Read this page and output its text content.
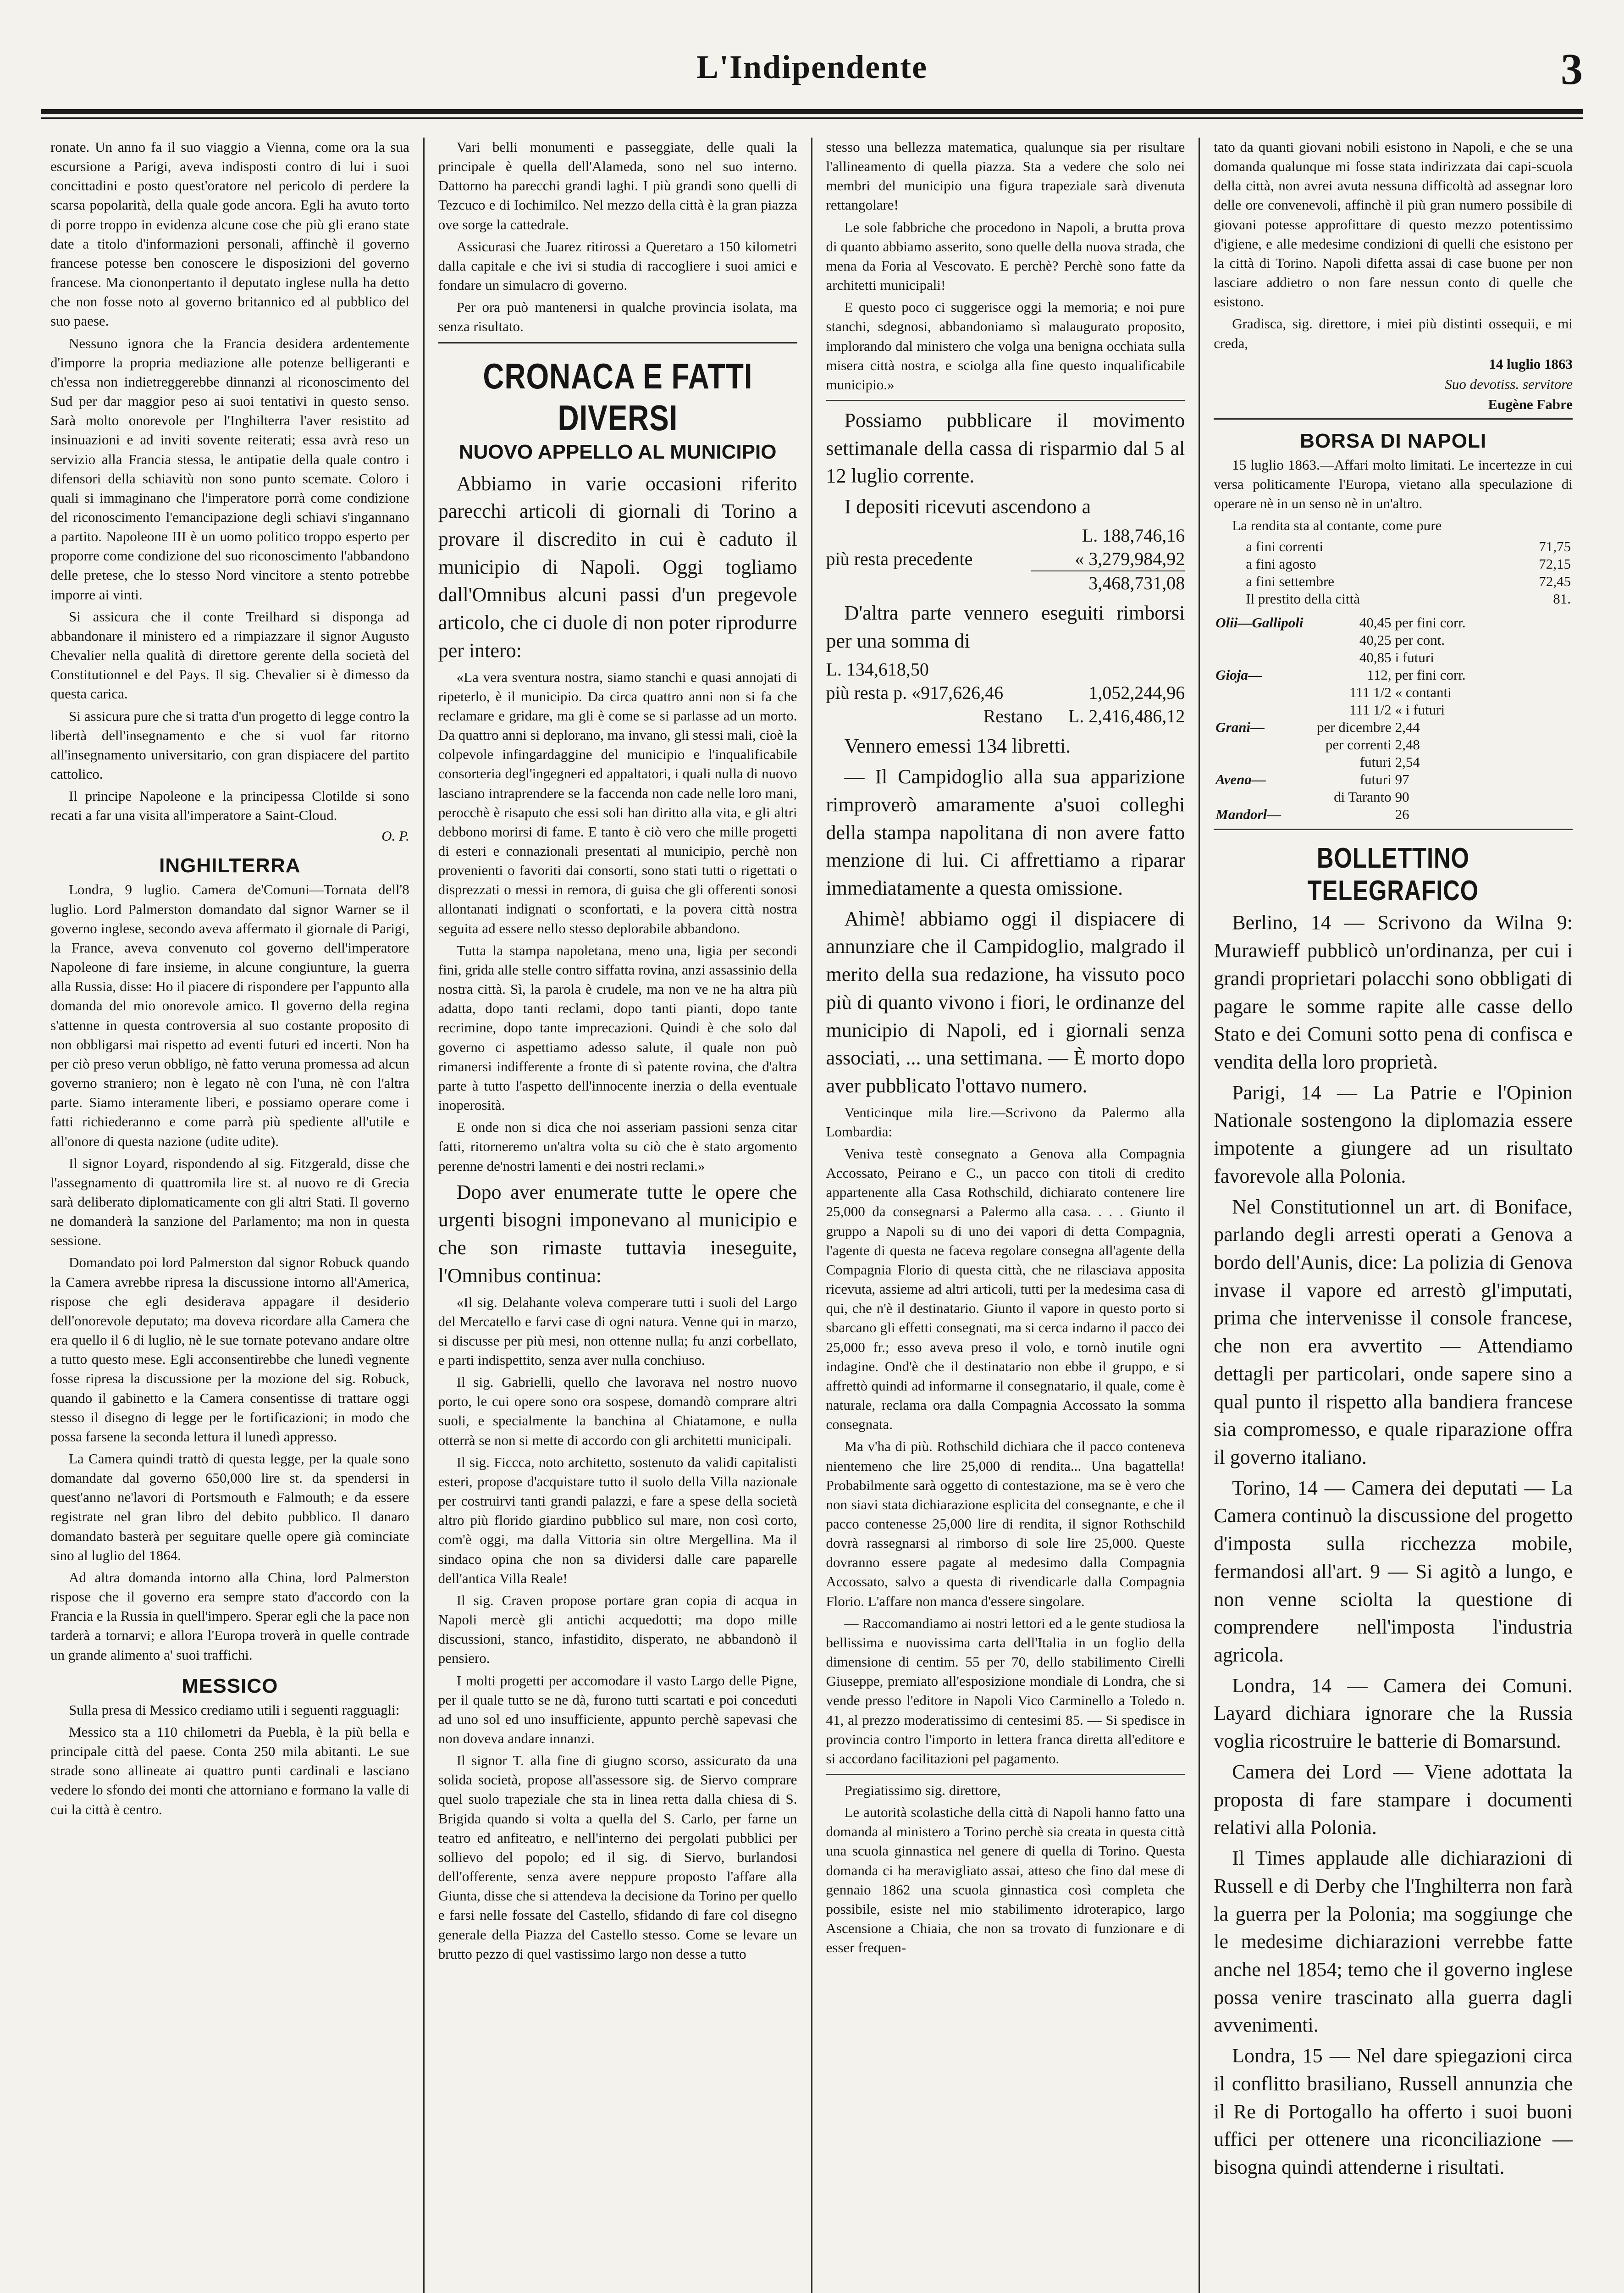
L'Indipendente	3

ronate. Un anno fa il suo viaggio a Vienna, come ora la sua escursione a Parigi, aveva indisposti contro di lui i suoi concittadini e posto quest'oratore nel pericolo di perdere la scarsa popolarità, della quale gode ancora. Egli ha avuto torto di porre troppo in evidenza alcune cose che più gli erano state date a titolo d'informazioni personali, affinchè il governo francese potesse ben conoscere le disposizioni del governo francese. Ma ciononpertanto il deputato inglese nulla ha detto che non fosse noto al governo britannico ed al pubblico del suo paese.

Nessuno ignora che la Francia desidera ardentemente d'imporre la propria mediazione alle potenze belligeranti e ch'essa non indietreggerebbe dinnanzi al riconoscimento del Sud per dar maggior peso ai suoi tentativi in questo senso. Sarà molto onorevole per l'Inghilterra l'aver resistito ad insinuazioni e ad inviti sovente reiterati; essa avrà reso un servizio alla Francia stessa, le antipatie della quale contro i difensori della schiavitù non sono punto scemate. Coloro i quali si immaginano che l'imperatore porrà come condizione del riconoscimento l'emancipazione degli schiavi s'ingannano a partito. Napoleone III è un uomo politico troppo esperto per proporre come condizione del suo riconoscimento l'abbandono delle pretese, che lo stesso Nord vincitore a stento potrebbe imporre ai vinti.

Si assicura che il conte Treilhard si disponga ad abbandonare il ministero ed a rimpiazzare il signor Augusto Chevalier nella qualità di direttore gerente della società del Constitutionnel e del Pays. Il sig. Chevalier si è dimesso da questa carica.

Si assicura pure che si tratta d'un progetto di legge contro la libertà dell'insegnamento e che si vuol far ritorno all'insegnamento universitario, con gran dispiacere del partito cattolico.

Il principe Napoleone e la principessa Clotilde si sono recati a far una visita all'imperatore a Saint-Cloud.

O. P.
INGHILTERRA

Londra, 9 luglio. Camera de'Comuni—Tornata dell'8 luglio. Lord Palmerston domandato dal signor Warner se il governo inglese, secondo aveva affermato il giornale di Parigi, la France, aveva convenuto col governo dell'imperatore Napoleone di fare insieme, in alcune congiunture, la guerra alla Russia, disse: Ho il piacere di rispondere per l'appunto alla domanda del mio onorevole amico. Il governo della regina s'attenne in questa controversia al suo costante proposito di non obbligarsi mai rispetto ad eventi futuri ed incerti. Non ha per ciò preso verun obbligo, nè fatto veruna promessa ad alcun governo straniero; non è legato nè con l'una, nè con l'altra parte. Siamo interamente liberi, e possiamo operare come i fatti richiederanno e come parrà più spediente all'utile e all'onore di questa nazione (udite udite).

Il signor Loyard, rispondendo al sig. Fitzgerald, disse che l'assegnamento di quattromila lire st. al nuovo re di Grecia sarà deliberato diplomaticamente con gli altri Stati. Il governo ne domanderà la sanzione del Parlamento; ma non in questa sessione.

Domandato poi lord Palmerston dal signor Robuck quando la Camera avrebbe ripresa la discussione intorno all'America, rispose che egli desiderava appagare il desiderio dell'onorevole deputato; ma doveva ricordare alla Camera che era quello il 6 di luglio, nè le sue tornate potevano andare oltre a tutto questo mese. Egli acconsentirebbe che lunedì vegnente fosse ripresa la discussione per la mozione del sig. Robuck, quando il gabinetto e la Camera consentisse di trattare oggi stesso il disegno di legge per le fortificazioni; in modo che possa farsene la seconda lettura il lunedì appresso.

La Camera quindi trattò di questa legge, per la quale sono domandate dal governo 650,000 lire st. da spendersi in quest'anno ne'lavori di Portsmouth e Falmouth; e da essere registrate nel gran libro del debito pubblico. Il danaro domandato basterà per seguitare quelle opere già cominciate sino al luglio del 1864.

Ad altra domanda intorno alla China, lord Palmerston rispose che il governo era sempre stato d'accordo con la Francia e la Russia in quell'impero. Sperar egli che la pace non tarderà a tornarvi; e allora l'Europa troverà in quelle contrade un grande alimento a' suoi traffichi.

MESSICO

Sulla presa di Messico crediamo utili i seguenti ragguagli:

Messico sta a 110 chilometri da Puebla, è la più bella e principale città del paese. Conta 250 mila abitanti. Le sue strade sono allineate ai quattro punti cardinali e lasciano vedere lo sfondo dei monti che attorniano e formano la valle di cui la città è centro.

Vari belli monumenti e passeggiate, delle quali la principale è quella dell'Alameda, sono nel suo interno. Dattorno ha parecchi grandi laghi. I più grandi sono quelli di Tezcuco e di Iochimilco. Nel mezzo della città è la gran piazza ove sorge la cattedrale.

Assicurasi che Juarez ritirossi a Queretaro a 150 kilometri dalla capitale e che ivi si studia di raccogliere i suoi amici e fondare un simulacro di governo.

Per ora può mantenersi in qualche provincia isolata, ma senza risultato.

CRONACA E FATTI DIVERSI
NUOVO APPELLO AL MUNICIPIO

Abbiamo in varie occasioni riferito parecchi articoli di giornali di Torino a provare il discredito in cui è caduto il municipio di Napoli. Oggi togliamo dall'Omnibus alcuni passi d'un pregevole articolo, che ci duole di non poter riprodurre per intero:

«La vera sventura nostra, siamo stanchi e quasi annojati di ripeterlo, è il municipio. Da circa quattro anni non si fa che reclamare e gridare, ma gli è come se si parlasse ad un morto. Da quattro anni si deplorano, ma invano, gli stessi mali, cioè la colpevole infingardaggine del municipio e l'inqualificabile consorteria degl'ingegneri ed appaltatori, i quali nulla di nuovo lasciano intraprendere se la faccenda non cade nelle loro mani, perocchè è risaputo che essi soli han diritto alla vita, e gli altri debbono morirsi di fame. E tanto è ciò vero che mille progetti di esteri e connazionali presentati al municipio, perchè non provenienti o favoriti dai consorti, sono stati tutti o rigettati o disprezzati o messi in remora, di guisa che gli offerenti sonosi allontanati indignati o sconfortati, e la povera città nostra seguita ad essere nello stesso deplorabile abbandono.

Tutta la stampa napoletana, meno una, ligia per secondi fini, grida alle stelle contro siffatta rovina, anzi assassinio della nostra città. Sì, la parola è crudele, ma non ve ne ha altra più adatta, dopo tanti reclami, dopo tanti pianti, dopo tante recrimine, dopo tante imprecazioni. Quindi è che solo dal governo ci aspettiamo adesso salute, il quale non può rimanersi indifferente a fronte di sì patente rovina, che d'altra parte à tutto l'aspetto dell'innocente inerzia o della eventuale inoperosità.

E onde non si dica che noi asseriam passioni senza citar fatti, ritorneremo un'altra volta su ciò che è stato argomento perenne de'nostri lamenti e dei nostri reclami.»

Dopo aver enumerate tutte le opere che urgenti bisogni imponevano al municipio e che son rimaste tuttavia ineseguite, l'Omnibus continua:

«Il sig. Delahante voleva comperare tutti i suoli del Largo del Mercatello e farvi case di ogni natura. Venne qui in marzo, si discusse per più mesi, non ottenne nulla; fu anzi corbellato, e parti indispettito, senza aver nulla conchiuso.

Il sig. Gabrielli, quello che lavorava nel nostro nuovo porto, le cui opere sono ora sospese, domandò comprare altri suoli, e specialmente la banchina al Chiatamone, e nulla otterrà se non si mette di accordo con gli architetti municipali.

Il sig. Ficcca, noto architetto, sostenuto da validi capitalisti esteri, propose d'acquistare tutto il suolo della Villa nazionale per costruirvi tanti grandi palazzi, e fare a spese della società altro più florido giardino pubblico sul mare, non così corto, com'è oggi, ma dalla Vittoria sin oltre Mergellina. Ma il sindaco opina che non sa dividersi dalle care paparelle dell'antica Villa Reale!

Il sig. Craven propose portare gran copia di acqua in Napoli mercè gli antichi acquedotti; ma dopo mille discussioni, stanco, infastidito, disperato, ne abbandonò il pensiero.

I molti progetti per accomodare il vasto Largo delle Pigne, per il quale tutto se ne dà, furono tutti scartati e poi conceduti ad uno sol ed uno insufficiente, appunto perchè sapevasi che non doveva andare innanzi.

Il signor T. alla fine di giugno scorso, assicurato da una solida società, propose all'assessore sig. de Siervo comprare quel suolo trapeziale che sta in linea retta dalla chiesa di S. Brigida quando si volta a quella del S. Carlo, per farne un teatro ed anfiteatro, e nell'interno dei pergolati pubblici per sollievo del popolo; ed il sig. di Siervo, burlandosi dell'offerente, senza avere neppure proposto l'affare alla Giunta, disse che si attendeva la decisione da Torino per quello e farsi nelle fossate del Castello, sfidando di fare col disegno generale della Piazza del Castello stesso. Come se levare un brutto pezzo di quel vastissimo largo non desse a tutto

stesso una bellezza matematica, qualunque sia per risultare l'allineamento di quella piazza. Sta a vedere che solo nei membri del municipio una figura trapeziale sarà divenuta rettangolare!

Le sole fabbriche che procedono in Napoli, a brutta prova di quanto abbiamo asserito, sono quelle della nuova strada, che mena da Foria al Vescovato. E perchè? Perchè sono fatte da architetti municipali!

E questo poco ci suggerisce oggi la memoria; e noi pure stanchi, sdegnosi, abbandoniamo sì malaugurato proposito, implorando dal ministero che volga una benigna occhiata sulla misera città nostra, e sciolga alla fine questo inqualificabile municipio.»

Possiamo pubblicare il movimento settimanale della cassa di risparmio dal 5 al 12 luglio corrente.

I depositi ricevuti ascendono a

	L. 188,746,16
più resta precedente	« 3,279,984,92
	3,468,731,08

D'altra parte vennero eseguiti rimborsi per una somma di

L. 134,618,50	
più resta p. «917,626,46	1,052,244,96
Restano	L. 2,416,486,12

Vennero emessi 134 libretti.

— Il Campidoglio alla sua apparizione rimproverò amaramente a'suoi colleghi della stampa napolitana di non avere fatto menzione di lui. Ci affrettiamo a riparar immediatamente a questa omissione.

Ahimè! abbiamo oggi il dispiacere di annunziare che il Campidoglio, malgrado il merito della sua redazione, ha vissuto poco più di quanto vivono i fiori, le ordinanze del municipio di Napoli, ed i giornali senza associati, ... una settimana. — È morto dopo aver pubblicato l'ottavo numero.

Venticinque mila lire.—Scrivono da Palermo alla Lombardia:

Veniva testè consegnato a Genova alla Compagnia Accossato, Peirano e C., un pacco con titoli di credito appartenente alla Casa Rothschild, dichiarato contenere lire 25,000 da consegnarsi a Palermo alla casa. . . . Giunto il gruppo a Napoli su di uno dei vapori di detta Compagnia, l'agente di questa ne faceva regolare consegna all'agente della Compagnia Florio di questa città, che ne rilasciava apposita ricevuta, assieme ad altri articoli, tutti per la medesima casa di qui, che n'è il destinatario. Giunto il vapore in questo porto si sbarcano gli effetti consegnati, ma si cerca indarno il pacco dei 25,000 fr.; esso aveva preso il volo, e tornò inutile ogni indagine. Ond'è che il destinatario non ebbe il gruppo, e si affrettò quindi ad informarne il consegnatario, il quale, come è naturale, reclama ora dalla Compagnia Accossato la somma consegnata.

Ma v'ha di più. Rothschild dichiara che il pacco conteneva nientemeno che lire 25,000 di rendita... Una bagattella! Probabilmente sarà oggetto di contestazione, ma se è vero che non siavi stata dichiarazione esplicita del consegnante, e che il pacco contenesse 25,000 lire di rendita, il signor Rothschild dovrà rassegnarsi al rimborso di sole lire 25,000. Queste dovranno essere pagate al medesimo dalla Compagnia Accossato, salvo a questa di rivendicarle dalla Compagnia Florio. L'affare non manca d'essere singolare.

— Raccomandiamo ai nostri lettori ed a le gente studiosa la bellissima e nuovissima carta dell'Italia in un foglio della dimensione di centim. 55 per 70, dello stabilimento Cirelli Giuseppe, premiato all'esposizione mondiale di Londra, che si vende presso l'editore in Napoli Vico Carminello a Toledo n. 41, al prezzo moderatissimo di centesimi 85. — Si spedisce in provincia contro l'importo in lettera franca diretta all'editore e si accordano facilitazioni pel pagamento.

Pregiatissimo sig. direttore,

Le autorità scolastiche della città di Napoli hanno fatto una domanda al ministero a Torino perchè sia creata in questa città una scuola ginnastica nel genere di quella di Torino. Questa domanda ci ha meravigliato assai, atteso che fino dal mese di gennaio 1862 una scuola ginnastica così completa che possibile, esiste nel mio stabilimento idroterapico, largo Ascensione a Chiaia, che non sa trovato di funzionare e di esser frequen-

tato da quanti giovani nobili esistono in Napoli, e che se una domanda qualunque mi fosse stata indirizzata dai capi-scuola della città, non avrei avuta nessuna difficoltà ad assegnar loro delle ore convenevoli, affinchè il più gran numero possibile di giovani potesse approfittare di questo mezzo potentissimo d'igiene, e alle medesime condizioni di quelli che esistono per la città di Torino. Napoli difetta assai di case buone per non lasciare addietro o non fare nessun conto di quelle che esistono.

Gradisca, sig. direttore, i miei più distinti ossequii, e mi creda,

14 luglio 1863
Suo devotiss. servitore
Eugène Fabre
BORSA DI NAPOLI

15 luglio 1863.—Affari molto limitati. Le incertezze in cui versa politicamente l'Europa, vietano alla speculazione di operare nè in un senso nè in un'altro.

La rendita sta al contante, come pure

a fini correnti	71,75
a fini agosto	72,15
a fini settembre	72,45
Il prestito della città	81.
Olii—Gallipoli	40,45	per fini corr.
	40,25	per cont.
	40,85	i futuri
Gioja—	112,	per fini corr.
	111 1/2	« contanti
	111 1/2	« i futuri
Grani—	per dicembre	2,44
	per correnti	2,48
	futuri	2,54
Avena—	futuri	97
	di Taranto	90
Mandorl—		26
BOLLETTINO TELEGRAFICO

Berlino, 14 — Scrivono da Wilna 9: Murawieff pubblicò un'ordinanza, per cui i grandi proprietari polacchi sono obbligati di pagare le somme rapite alle casse dello Stato e dei Comuni sotto pena di confisca e vendita della loro proprietà.

Parigi, 14 — La Patrie e l'Opinion Nationale sostengono la diplomazia essere impotente a giungere ad un risultato favorevole alla Polonia.

Nel Constitutionnel un art. di Boniface, parlando degli arresti operati a Genova a bordo dell'Aunis, dice: La polizia di Genova invase il vapore ed arrestò gl'imputati, prima che intervenisse il console francese, che non era avvertito — Attendiamo dettagli per particolari, onde sapere sino a qual punto il rispetto alla bandiera francese sia compromesso, e quale riparazione offra il governo italiano.

Torino, 14 — Camera dei deputati — La Camera continuò la discussione del progetto d'imposta sulla ricchezza mobile, fermandosi all'art. 9 — Si agitò a lungo, e non venne sciolta la questione di comprendere nell'imposta l'industria agricola.

Londra, 14 — Camera dei Comuni. Layard dichiara ignorare che la Russia voglia ricostruire le batterie di Bomarsund.

Camera dei Lord — Viene adottata la proposta di fare stampare i documenti relativi alla Polonia.

Il Times applaude alle dichiarazioni di Russell e di Derby che l'Inghilterra non farà la guerra per la Polonia; ma soggiunge che le medesime dichiarazioni verrebbe fatte anche nel 1854; temo che il governo inglese possa venire trascinato alla guerra dagli avvenimenti.

Londra, 15 — Nel dare spiegazioni circa il conflitto brasiliano, Russell annunzia che il Re di Portogallo ha offerto i suoi buoni uffici per ottenere una riconciliazione — bisogna quindi attenderne i risultati.
